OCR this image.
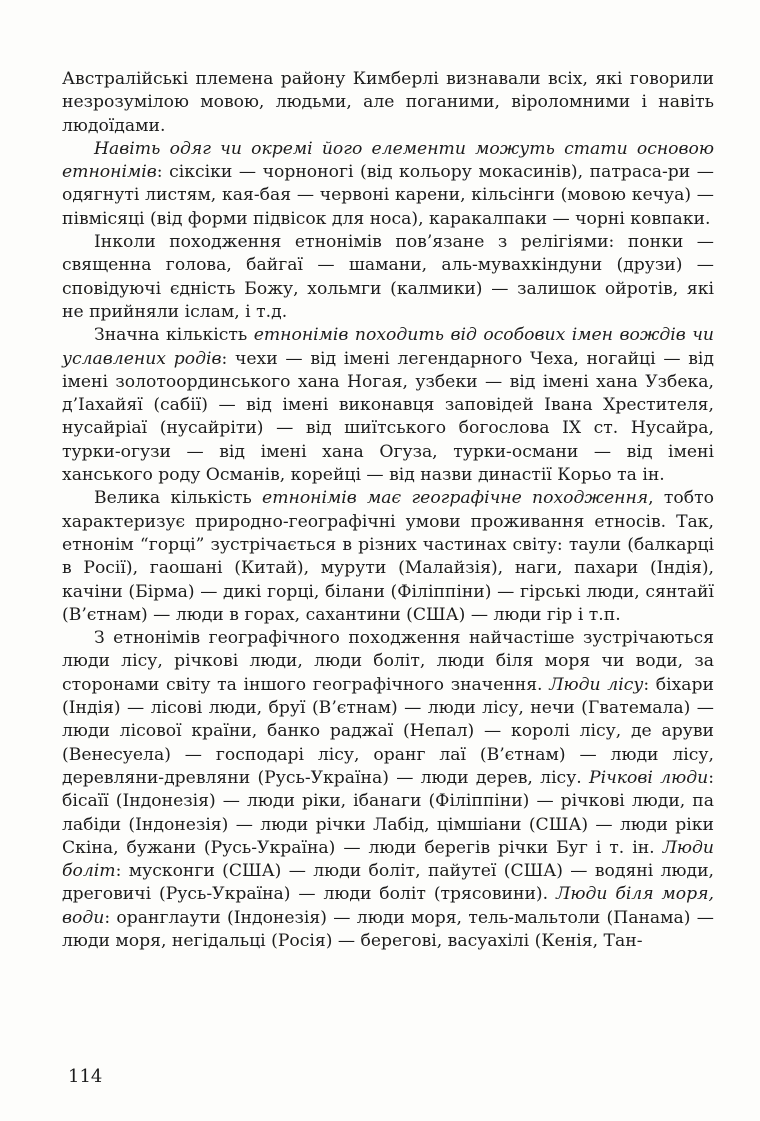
Австралійські племена району Кимберлі визнавали всіх, які говорили незрозумілою мовою, людьми, але поганими, віроломними і навіть людоїдами.

Навіть одяг чи окремі його елементи можуть стати основою етнонімів: сіксіки — чорноногі (від кольору мокасинів), патраса-ри — одягнуті листям, кая-бая — червоні карени, кільсінги (мовою кечуа) — півмісяці (від форми підвісок для носа), каракалпаки — чорні ковпаки.

Інколи походження етнонімів пов’язане з релігіями: понки — священна голова, байгаї — шамани, аль-мувахкіндуни (друзи) — сповідуючі єдність Божу, хольмги (калмики) — залишок ойротів, які не прийняли іслам, і т.д.

Значна кількість етнонімів походить від особових імен вождів чи уславлених родів: чехи — від імені легендарного Чеха, ногайці — від імені золотоординського хана Ногая, узбеки — від імені хана Узбека, д’Іахайяї (сабії) — від імені виконавця заповідей Івана Хрестителя, нусайріаї (нусайріти) — від шиїтського богослова IX ст. Нусайра, турки-огузи — від імені хана Огуза, турки-османи — від імені ханського роду Османів, корейці — від назви династії Корьо та ін.

Велика кількість етнонімів має географічне походження, тобто характеризує природно-географічні умови проживання етносів. Так, етнонім “горці” зустрічається в різних частинах світу: таули (балкарці в Росії), гаошані (Китай), мурути (Малайзія), наги, пахари (Індія), качіни (Бірма) — дикі горці, білани (Філіппіни) — гірські люди, сянтайї (В’єтнам) — люди в горах, сахантини (США) — люди гір і т.п.

З етнонімів географічного походження найчастіше зустрічаються люди лісу, річкові люди, люди боліт, люди біля моря чи води, за сторонами світу та іншого географічного значення. Люди лісу: біхари (Індія) — лісові люди, бруї (В’єтнам) — люди лісу, нечи (Гватемала) — люди лісової країни, банко раджаї (Непал) — королі лісу, де аруви (Венесуела) — господарі лісу, оранг лаї (В’єтнам) — люди лісу, деревляни-древляни (Русь-Україна) — люди дерев, лісу. Річкові люди: бісаїї (Індонезія) — люди ріки, ібанаги (Філіппіни) — річкові люди, па лабіди (Індонезія) — люди річки Лабід, цімшіани (США) — люди ріки Скіна, бужани (Русь-Україна) — люди берегів річки Буг і т. ін. Люди боліт: мусконги (США) — люди боліт, пайутеї (США) — водяні люди, дреговичі (Русь-Україна) — люди боліт (трясовини). Люди біля моря, води: оранглаути (Індонезія) — люди моря, тель-мальтоли (Панама) — люди моря, негідальці (Росія) — берегові, васуахілі (Кенія, Тан-

114
